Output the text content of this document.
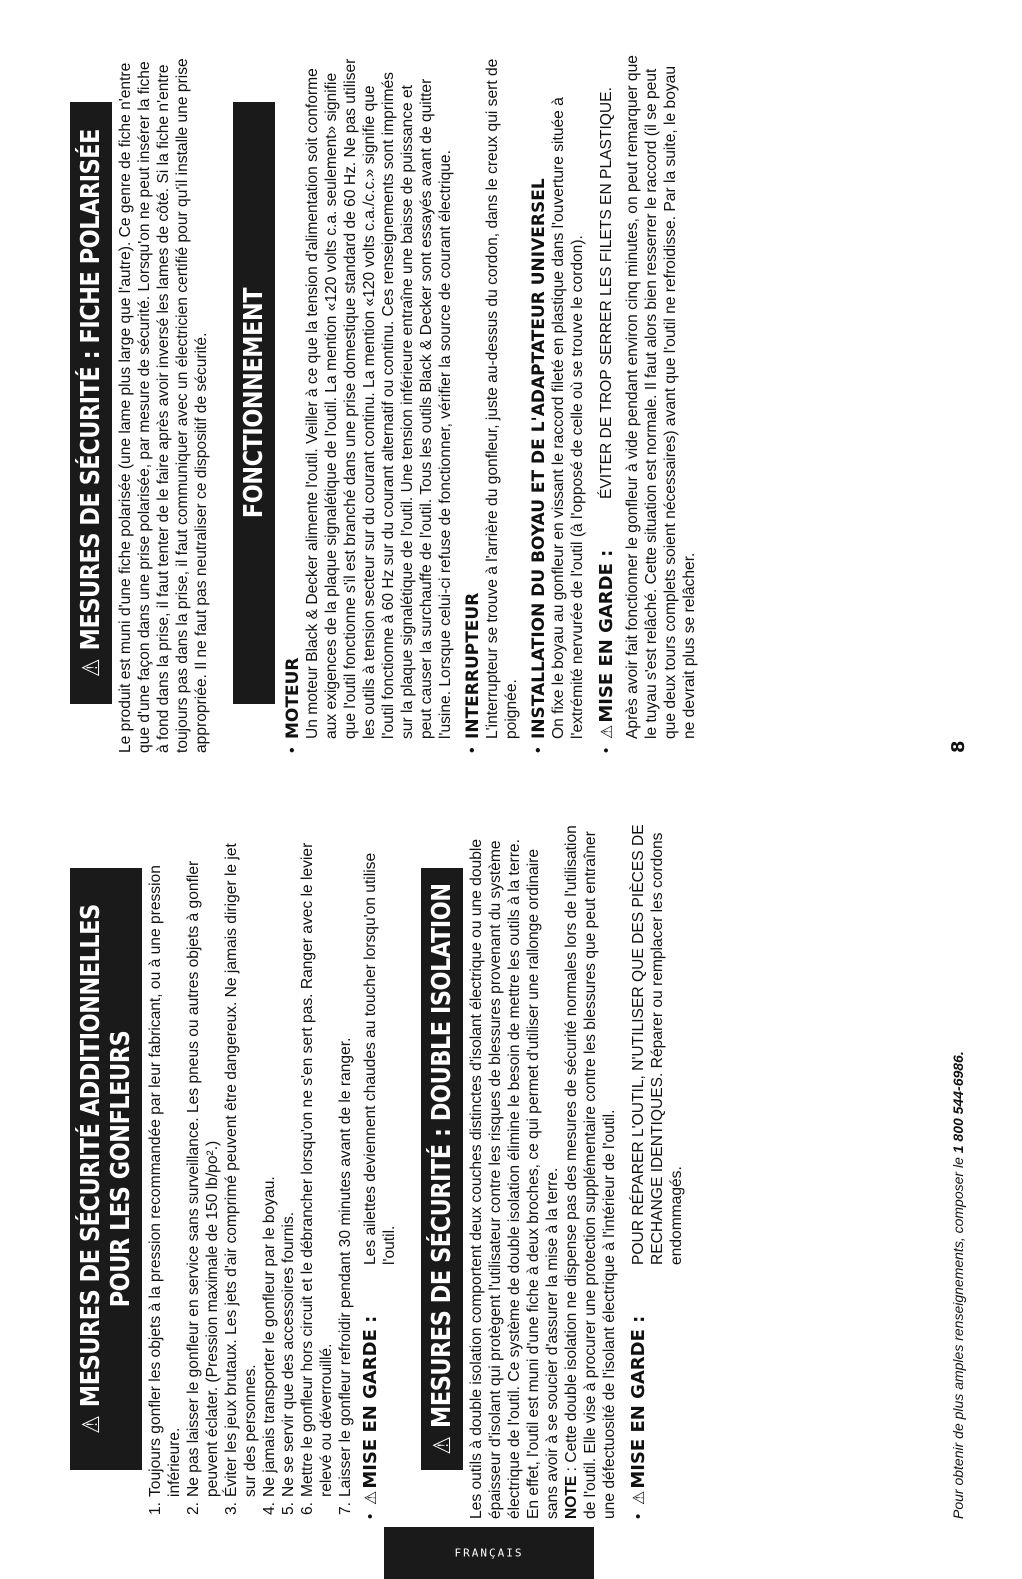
FRANÇAIS
⚠MESURES DE SÉCURITÉ ADDITIONNELLES POUR LES GONFLEURS
1.
Toujours gonfler les objets à la pression recommandée par leur fabricant, ou à une pression inférieure.
2.
Ne pas laisser le gonfleur en service sans surveillance. Les pneus ou autres objets à gonfler peuvent éclater. (Pression maximale de 150 lb/po².)
3.
Éviter les jeux brutaux. Les jets d'air comprimé peuvent être dangereux. Ne jamais diriger le jet sur des personnes.
4.
Ne jamais transporter le gonfleur par le boyau.
5.
Ne se servir que des accessoires fournis.
6.
Mettre le gonfleur hors circuit et le débrancher lorsqu'on ne s'en sert pas. Ranger avec le levier relevé ou déverrouillé.
7.
Laisser le gonfleur refroidir pendant 30 minutes avant de le ranger.
•
⚠MISE EN GARDE :
Les ailettes deviennent chaudes au toucher lorsqu'on utilise l'outil.
⚠MESURES DE SÉCURITÉ : DOUBLE ISOLATION Les outils à double isolation comportent deux couches distinctes d'isolant électrique ou une double épaisseur d'isolant qui protègent l'utilisateur contre les risques de blessures provenant du système électrique de l'outil. Ce système de double isolation élimine le besoin de mettre les outils à la terre. En effet, l'outil est muni d'une fiche à deux broches, ce qui permet d'utiliser une rallonge ordinaire sans avoir à se soucier d'assurer la mise à la terre. NOTE : Cette double isolation ne dispense pas des mesures de sécurité normales lors de l'utilisation de l'outil. Elle vise à procurer une protection supplémentaire contre les blessures que peut entraîner une défectuosité de l'isolant électrique à l'intérieur de l'outil. •
⚠MISE EN GARDE :
POUR RÉPARER L'OUTIL, N'UTILISER QUE DES PIÈCES DE RECHANGE IDENTIQUES. Réparer ou remplacer les cordons endommagés.
⚠MESURES DE SÉCURITÉ : FICHE POLARISÉE Le produit est muni d'une fiche polarisée (une lame plus large que l'autre). Ce genre de fiche n'entre que d'une façon dans une prise polarisée, par mesure de sécurité. Lorsqu'on ne peut insérer la fiche à fond dans la prise, il faut tenter de le faire après avoir inversé les lames de côté. Si la fiche n'entre toujours pas dans la prise, il faut communiquer avec un électricien certifié pour qu'il installe une prise appropriée. Il ne faut pas neutraliser ce dispositif de sécurité. FONCTIONNEMENT
•
MOTEUR Un moteur Black & Decker alimente l'outil. Veiller à ce que la tension d'alimentation soit conforme aux exigences de la plaque signalétique de l'outil. La mention «120 volts c.a. seulement» signifie que l'outil fonctionne s'il est branché dans une prise domestique standard de 60 Hz. Ne pas utiliser les outils à tension secteur sur du courant continu. La mention «120 volts c.a./c.c.» signifie que l'outil fonctionne à 60 Hz sur du courant alternatif ou continu. Ces renseignements sont imprimés sur la plaque signalétique de l'outil. Une tension inférieure entraîne une baisse de puissance et peut causer la surchauffe de l'outil. Tous les outils Black & Decker sont essayés avant de quitter l'usine. Lorsque celui-ci refuse de fonctionner, vérifier la source de courant électrique.

•
INTERRUPTEUR L'interrupteur se trouve à l'arrière du gonfleur, juste au-dessus du cordon, dans le creux qui sert de poignée.

•
INSTALLATION DU BOYAU ET DE L'ADAPTATEUR UNIVERSEL On fixe le boyau au gonfleur en vissant le raccord fileté en plastique dans l'ouverture située à l'extrémité nervurée de l'outil (à l'opposé de celle où se trouve le cordon).

•
⚠MISE EN GARDE :
ÉVITER DE TROP SERRER LES FILETS EN PLASTIQUE. Après avoir fait fonctionner le gonfleur à vide pendant environ cinq minutes, on peut remarquer que le tuyau s'est relâché. Cette situation est normale. Il faut alors bien resserrer le raccord (il se peut que deux tours complets soient nécessaires) avant que l'outil ne refroidisse. Par la suite, le boyau ne devrait plus se relâcher.

Pour obtenir de plus amples renseignements, composer le 1 800 544-6986.
8
